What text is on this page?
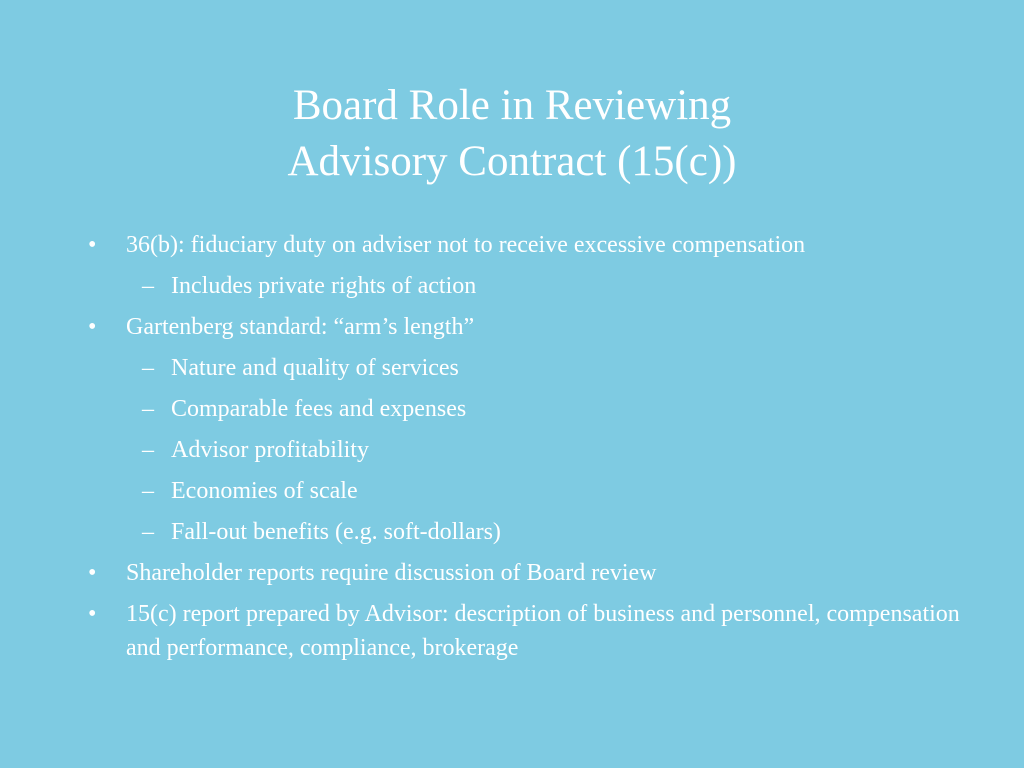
Board Role in Reviewing
Advisory Contract (15(c))
•	36(b): fiduciary duty on adviser not to receive excessive compensation
– Includes private rights of action
•	Gartenberg standard: “arm’s length”
– Nature and quality of services
– Comparable fees and expenses
– Advisor profitability
– Economies of scale
– Fall-out benefits (e.g. soft-dollars)
•	Shareholder reports require discussion of Board review
•	15(c) report prepared by Advisor: description of business and personnel, compensation and performance, compliance, brokerage
